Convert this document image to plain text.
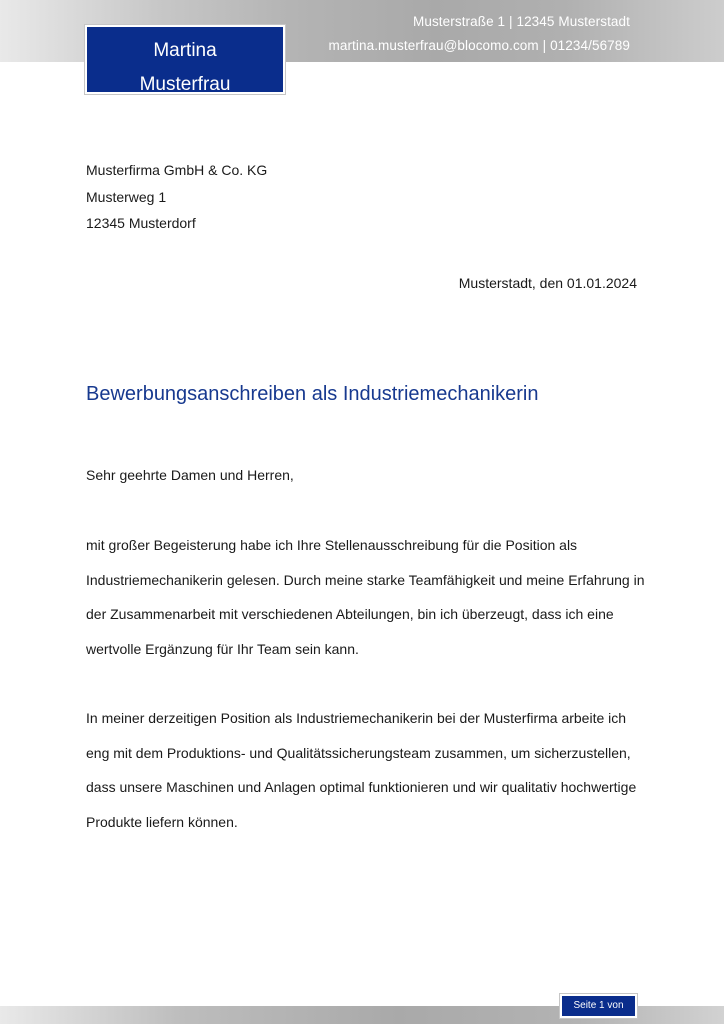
Musterstraße 1 | 12345 Musterstadt
martina.musterfrau@blocomo.com | 01234/56789
Martina
Musterfrau
Musterfirma GmbH & Co. KG
Musterweg 1
12345 Musterdorf
Musterstadt, den 01.01.2024
Bewerbungsanschreiben als Industriemechanikerin

Sehr geehrte Damen und Herren,

mit großer Begeisterung habe ich Ihre Stellenausschreibung für die Position als Industriemechanikerin gelesen. Durch meine starke Teamfähigkeit und meine Erfahrung in der Zusammenarbeit mit verschiedenen Abteilungen, bin ich überzeugt, dass ich eine wertvolle Ergänzung für Ihr Team sein kann.

In meiner derzeitigen Position als Industriemechanikerin bei der Musterfirma arbeite ich eng mit dem Produktions- und Qualitätssicherungsteam zusammen, um sicherzustellen, dass unsere Maschinen und Anlagen optimal funktionieren und wir qualitativ hochwertige Produkte liefern können.

Seite 1 von
